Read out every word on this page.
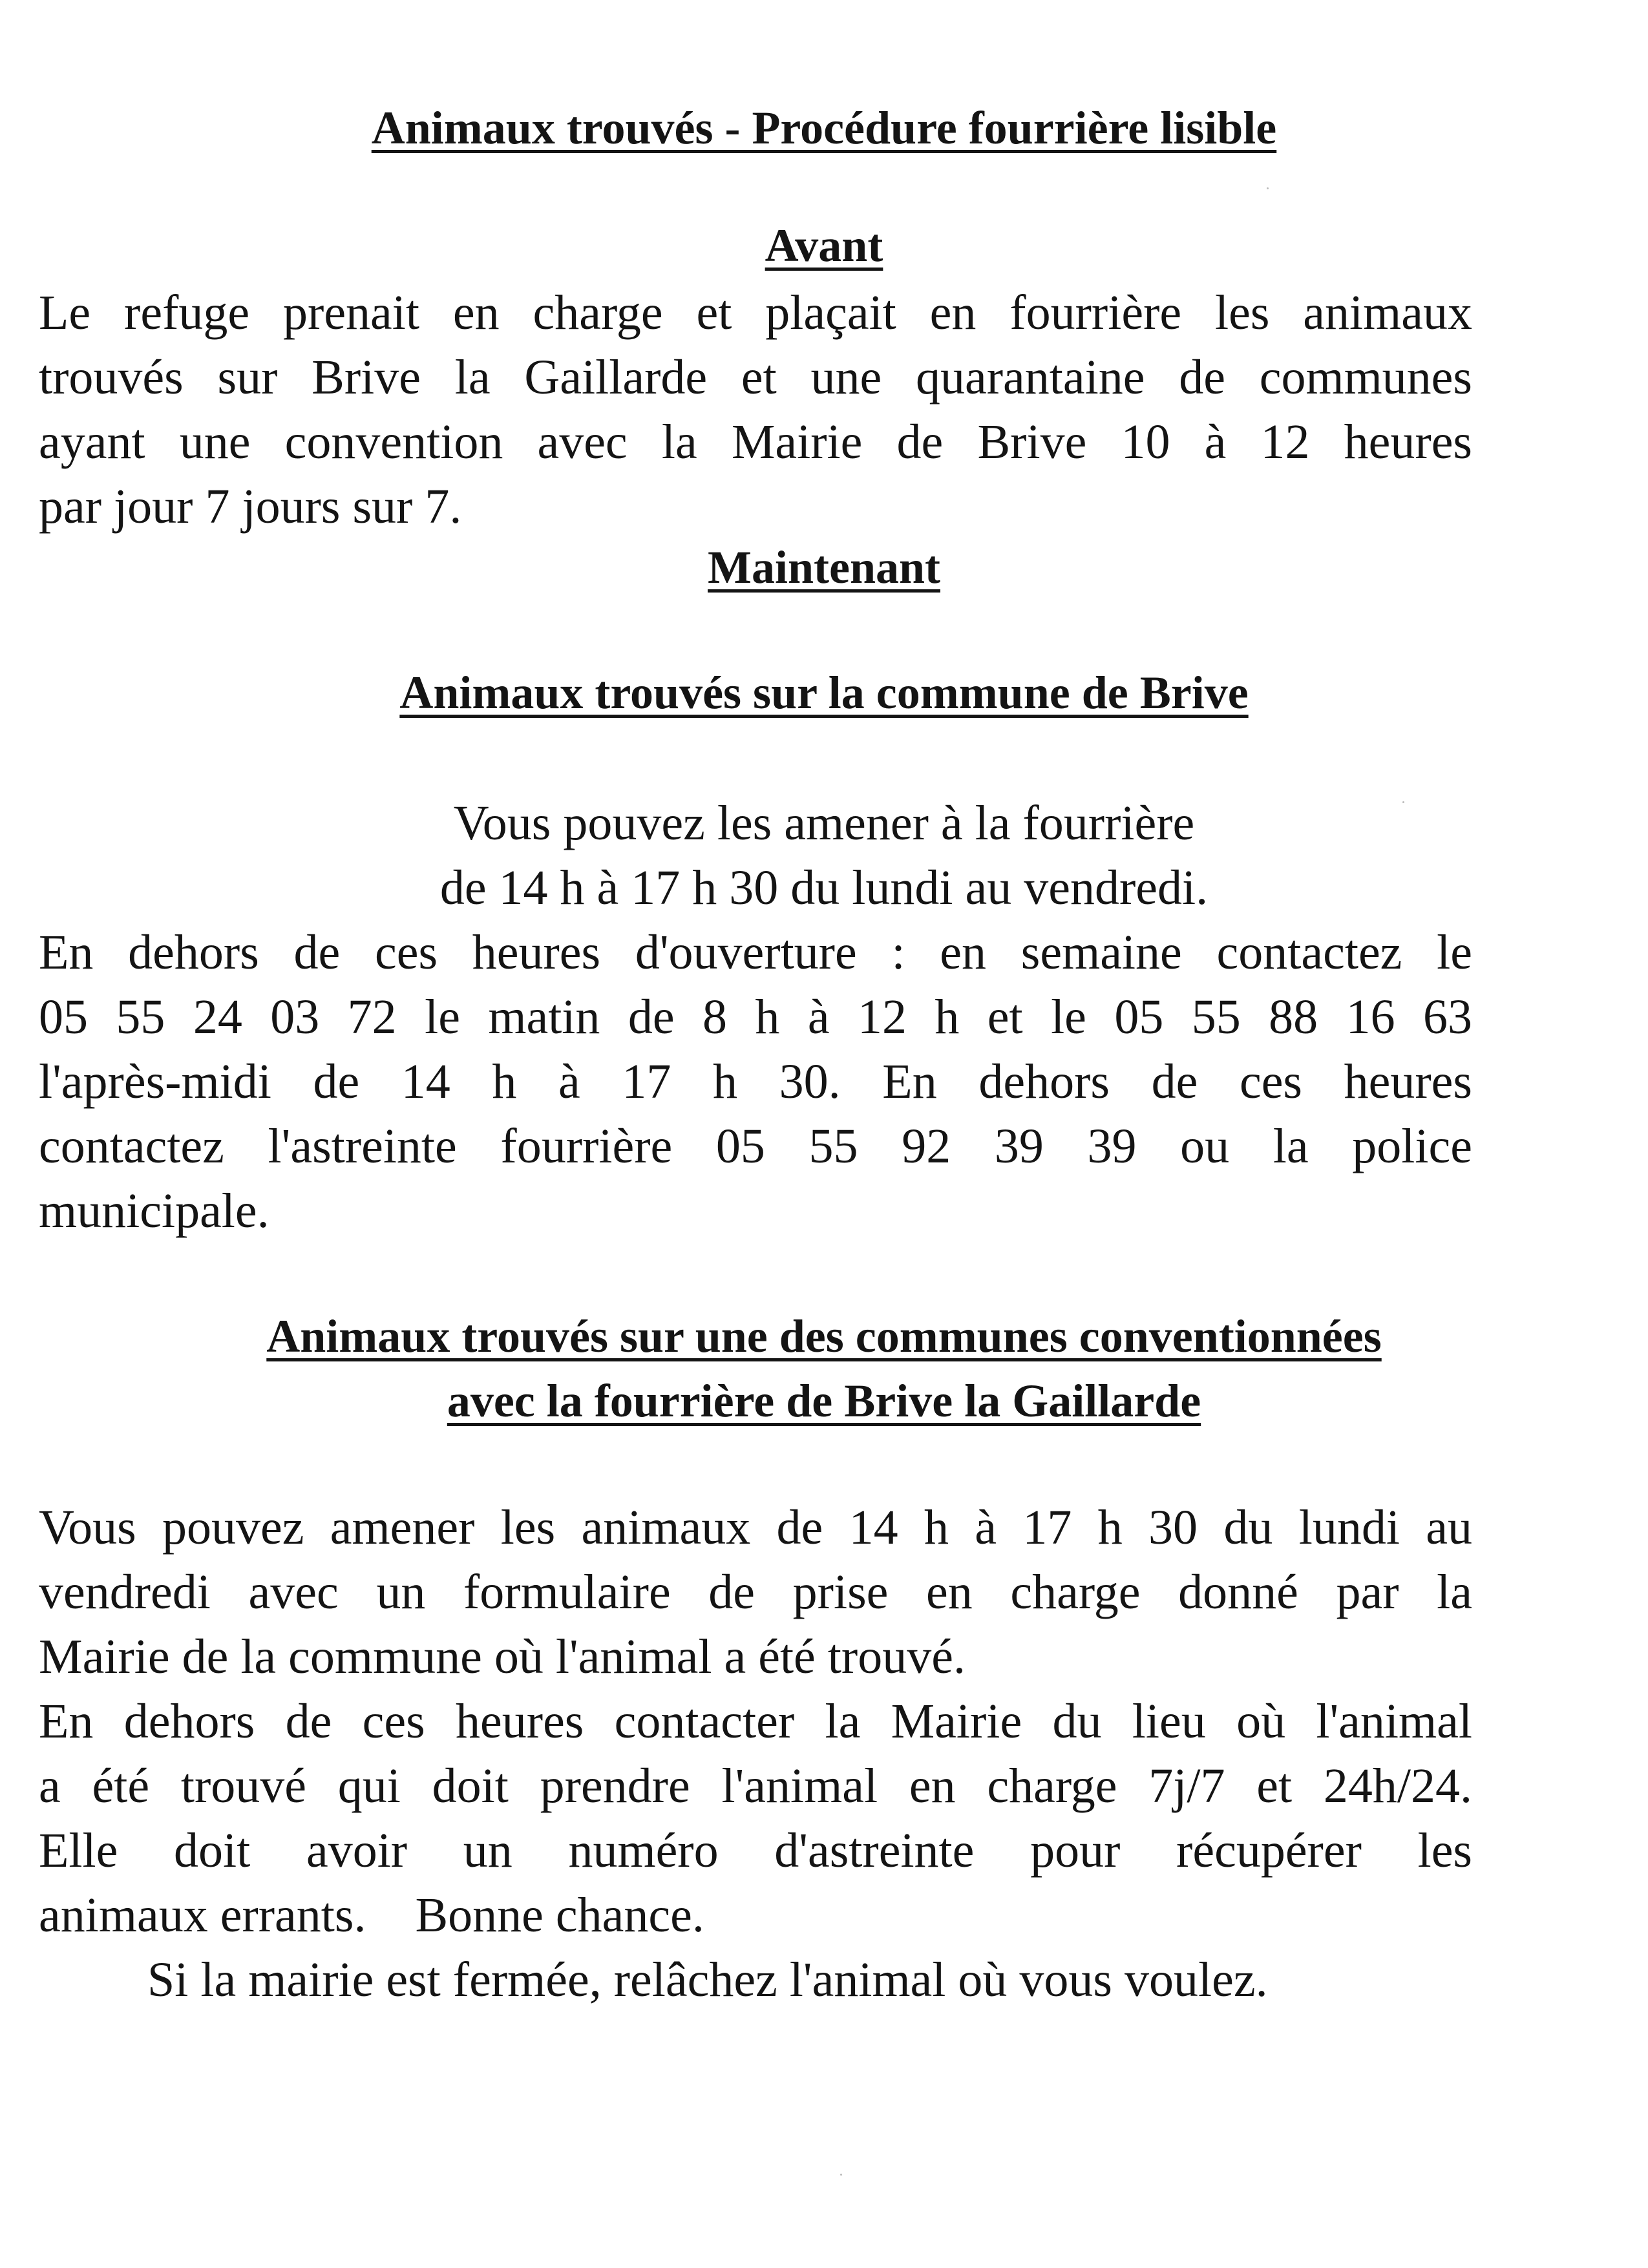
Animaux trouvés - Procédure fourrière lisible
Avant
Le refuge prenait en charge et plaçait en fourrière les animaux
trouvés sur Brive la Gaillarde et une quarantaine de communes
ayant une convention avec la Mairie de Brive 10 à 12 heures
par jour 7 jours sur 7.
Maintenant
Animaux trouvés sur la commune de Brive
Vous pouvez les amener à la fourrière
de 14 h à 17 h 30 du lundi au vendredi.
En dehors de ces heures d'ouverture : en semaine contactez le
05 55 24 03 72 le matin de 8 h à 12 h et le 05 55 88 16 63
l'après-midi de 14 h à 17 h 30. En dehors de ces heures
contactez l'astreinte fourrière 05 55 92 39 39 ou la police
municipale.
Animaux trouvés sur une des communes conventionnées
avec la fourrière de Brive la Gaillarde
Vous pouvez amener les animaux de 14 h à 17 h 30 du lundi au
vendredi avec un formulaire de prise en charge donné par la
Mairie de la commune où l'animal a été trouvé.
En dehors de ces heures contacter la Mairie du lieu où l'animal
a été trouvé qui doit prendre l'animal en charge 7j/7 et 24h/24.
Elle doit avoir un numéro d'astreinte pour récupérer les
animaux errants.    Bonne chance.
Si la mairie est fermée, relâchez l'animal où vous voulez.
